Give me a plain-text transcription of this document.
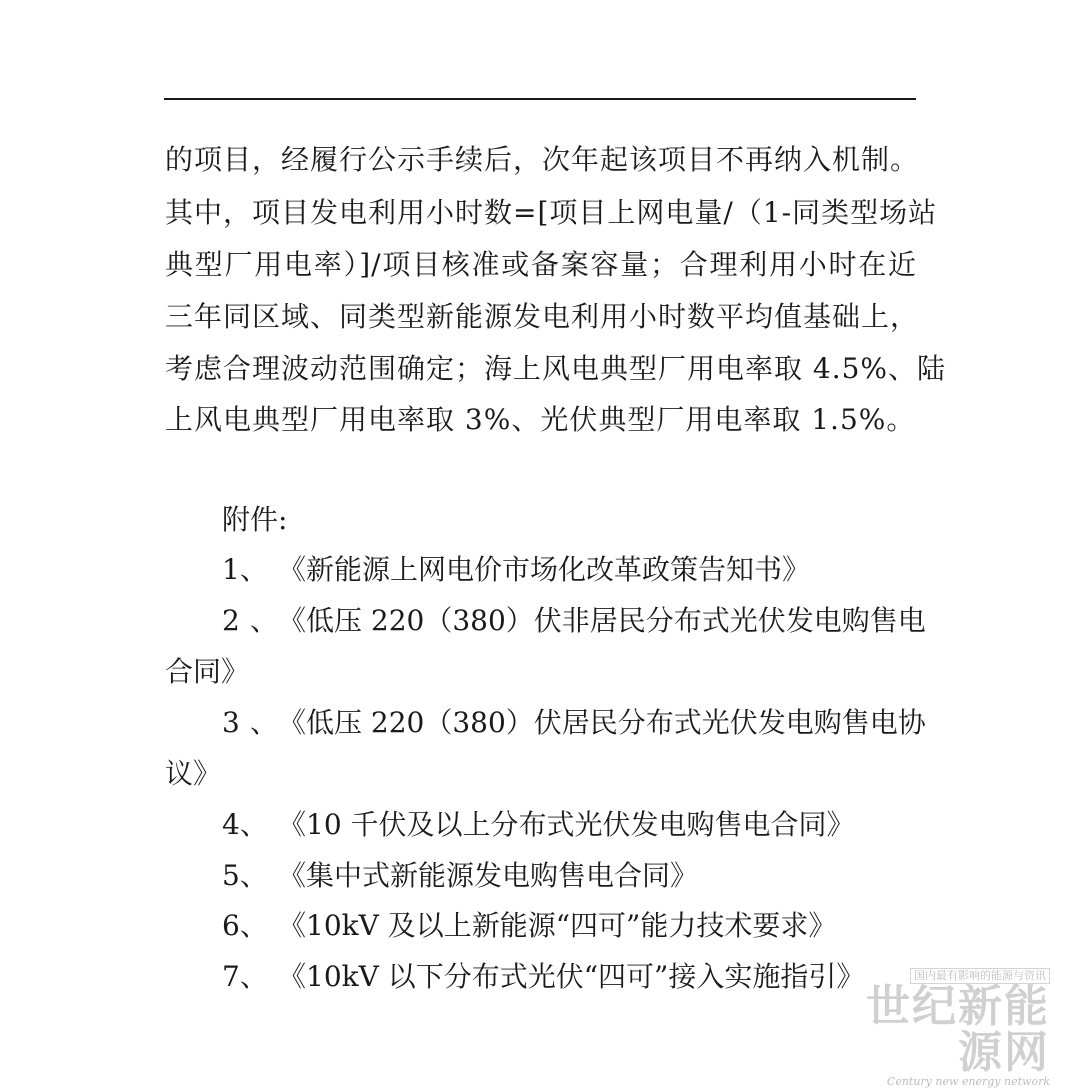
的项目，经履行公示手续后，次年起该项目不再纳入机制。
其中，项目发电利用小时数=[项目上网电量/（1-同类型场站
典型厂用电率）]/项目核准或备案容量；合理利用小时在近
三年同区域、同类型新能源发电利用小时数平均值基础上，
考虑合理波动范围确定；海上风电典型厂用电率取 4.5%、陆
上风电典型厂用电率取 3%、光伏典型厂用电率取 1.5%。
附件:
1、 《新能源上网电价市场化改革政策告知书》
2、《低压 220（380）伏非居民分布式光伏发电购售电
合同》
3、《低压 220（380）伏居民分布式光伏发电购售电协
议》
4、 《10 千伏及以上分布式光伏发电购售电合同》
5、 《集中式新能源发电购售电合同》
6、 《10kV 及以上新能源“四可”能力技术要求》
7、 《10kV 以下分布式光伏“四可”接入实施指引》	国内最有影响的能源与资讯
世纪新能源网
Century new energy network
